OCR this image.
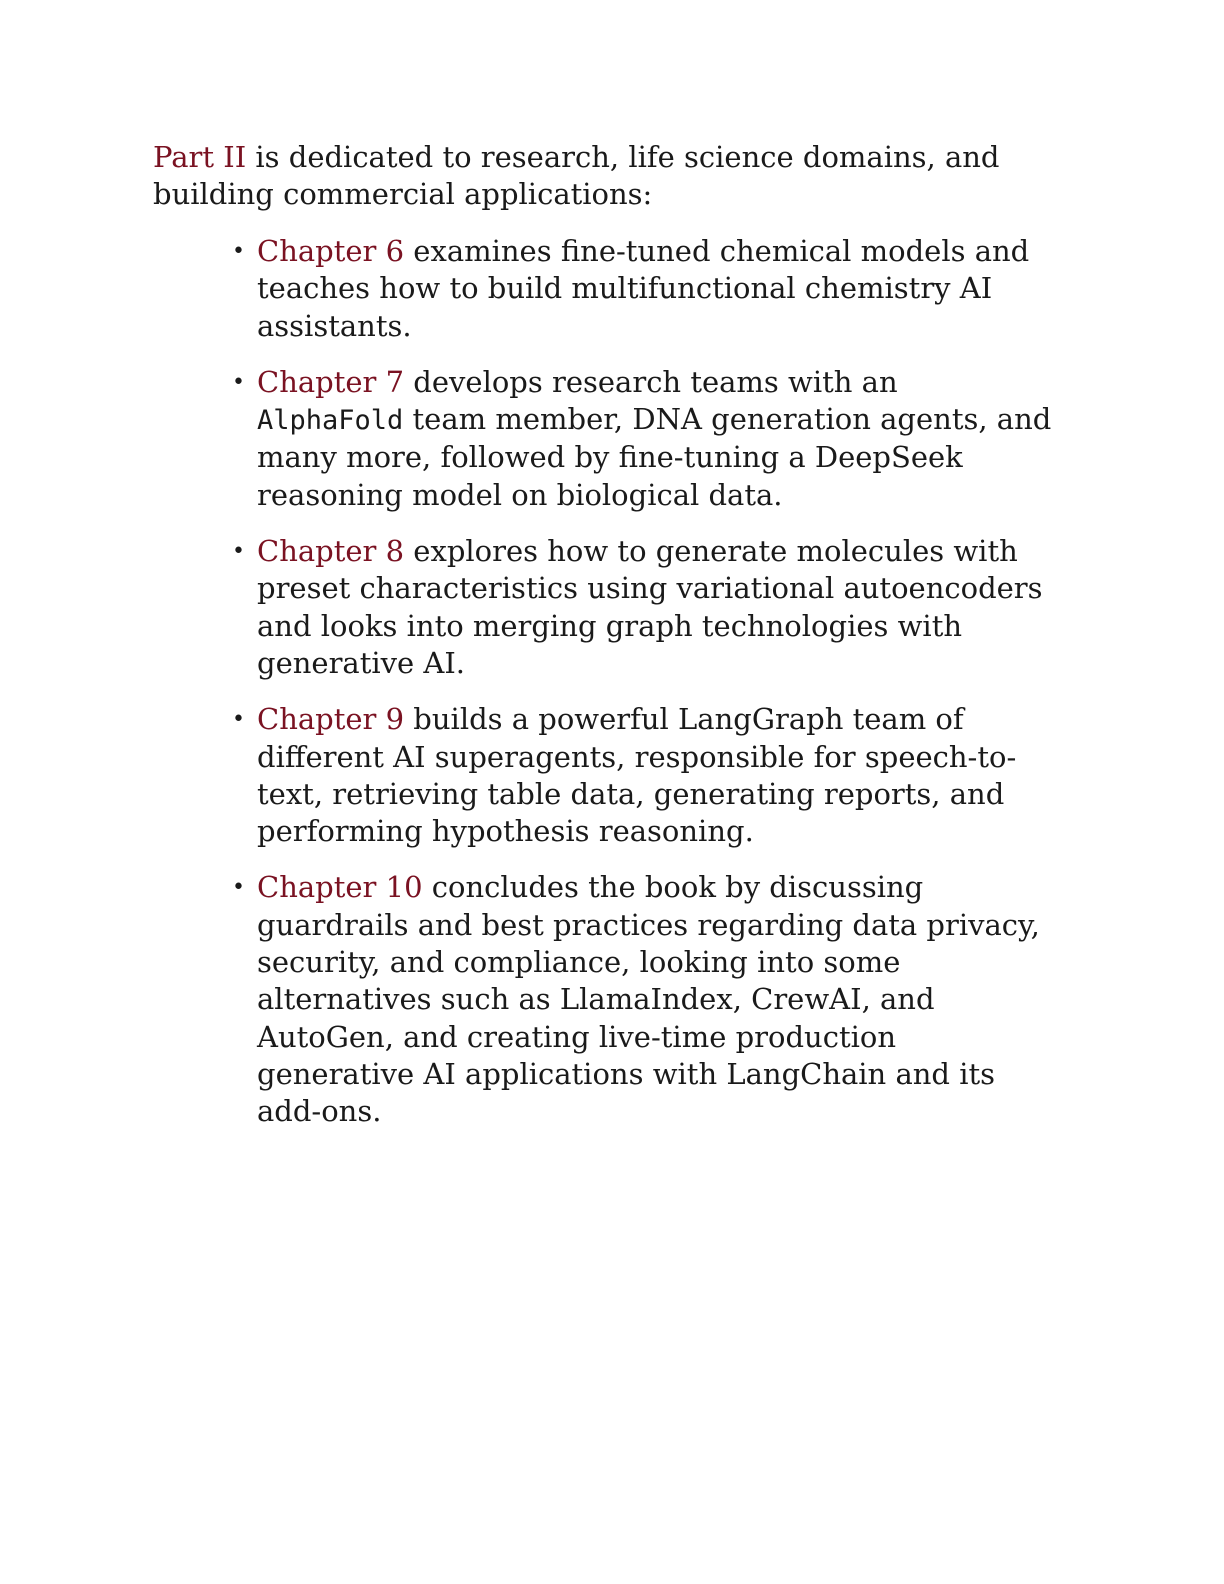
Part II is dedicated to research, life science domains, and building commercial applications:

• Chapter 6 examines fine-tuned chemical models and teaches how to build multifunctional chemistry AI assistants.
• Chapter 7 develops research teams with an AlphaFold team member, DNA generation agents, and many more, followed by fine-tuning a DeepSeek reasoning model on biological data.
• Chapter 8 explores how to generate molecules with preset characteristics using variational autoencoders and looks into merging graph technologies with generative AI.
• Chapter 9 builds a powerful LangGraph team of different AI superagents, responsible for speech-to-text, retrieving table data, generating reports, and performing hypothesis reasoning.
• Chapter 10 concludes the book by discussing guardrails and best practices regarding data privacy, security, and compliance, looking into some alternatives such as LlamaIndex, CrewAI, and AutoGen, and creating live-time production generative AI applications with LangChain and its add-ons.
